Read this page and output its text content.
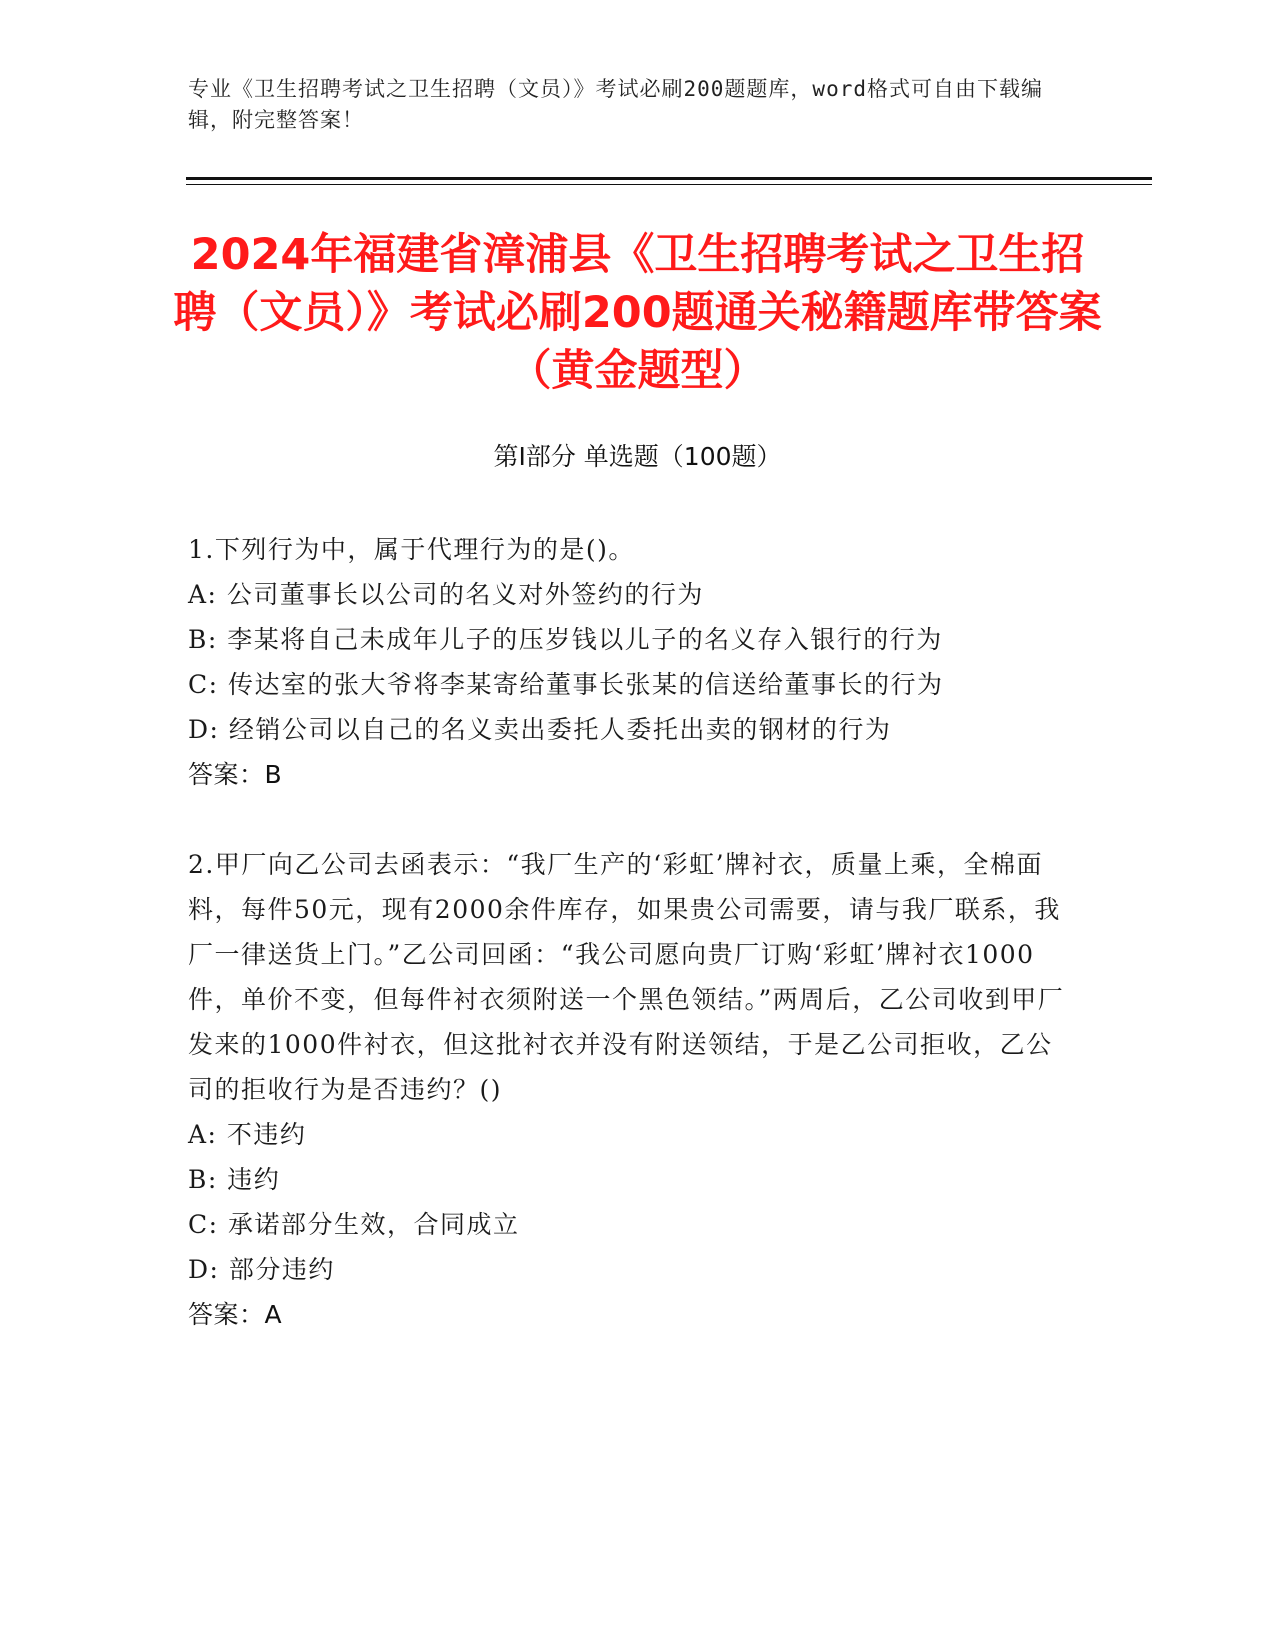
专业《卫生招聘考试之卫生招聘（文员）》考试必刷200题题库，word格式可自由下载编辑，附完整答案！
2024年福建省漳浦县《卫生招聘考试之卫生招聘（文员）》考试必刷200题通关秘籍题库带答案（黄金题型）
第Ⅰ部分 单选题（100题）

1.下列行为中，属于代理行为的是()。

A: 公司董事长以公司的名义对外签约的行为

B: 李某将自己未成年儿子的压岁钱以儿子的名义存入银行的行为

C: 传达室的张大爷将李某寄给董事长张某的信送给董事长的行为

D: 经销公司以自己的名义卖出委托人委托出卖的钢材的行为

答案：B

2.甲厂向乙公司去函表示：“我厂生产的‘彩虹’牌衬衣，质量上乘，全棉面料，每件50元，现有2000余件库存，如果贵公司需要，请与我厂联系，我厂一律送货上门。”乙公司回函：“我公司愿向贵厂订购‘彩虹’牌衬衣1000件，单价不变，但每件衬衣须附送一个黑色领结。”两周后，乙公司收到甲厂发来的1000件衬衣，但这批衬衣并没有附送领结，于是乙公司拒收，乙公司的拒收行为是否违约？()

A: 不违约

B: 违约

C: 承诺部分生效，合同成立

D: 部分违约

答案：A
